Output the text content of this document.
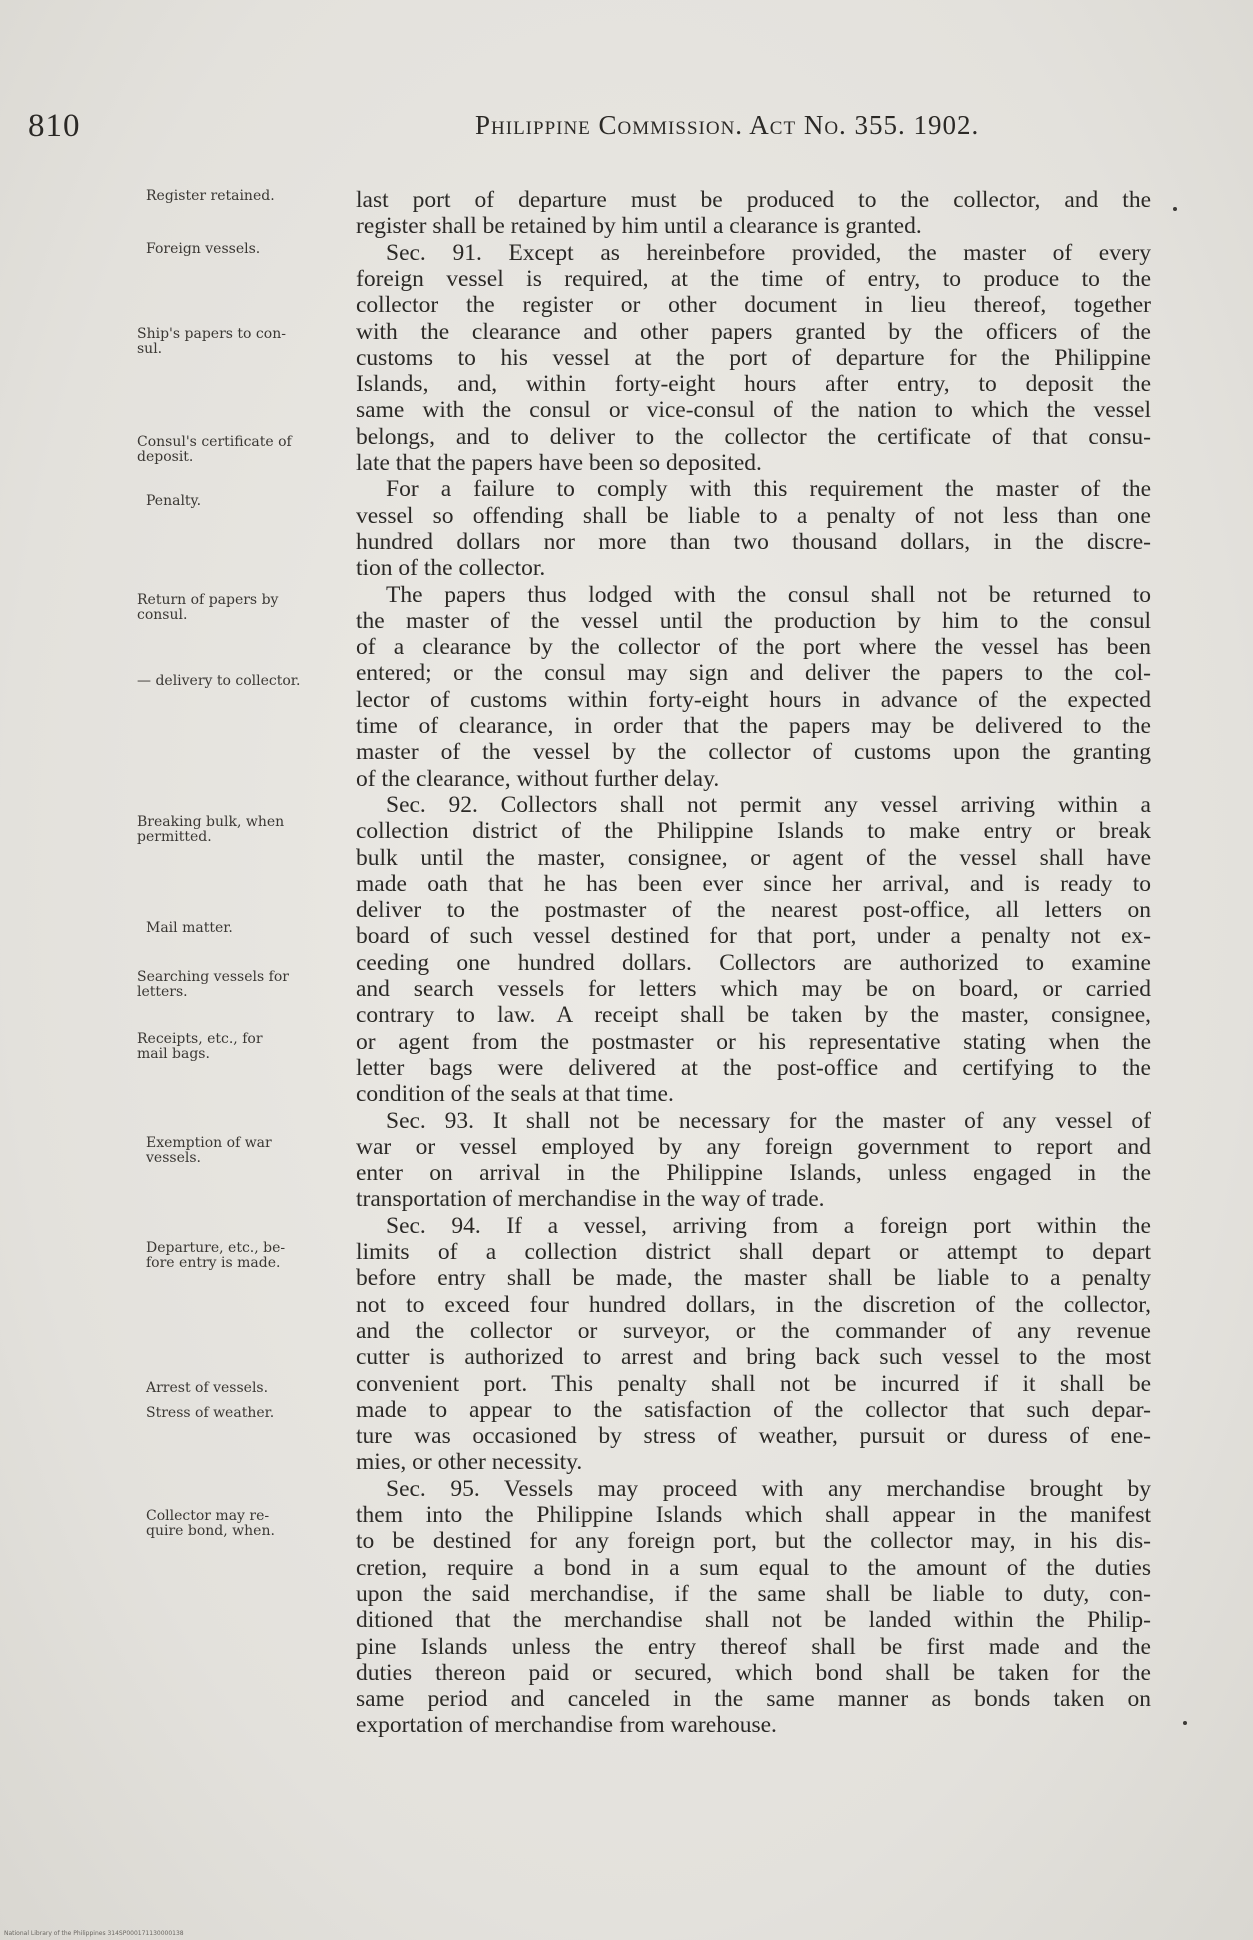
810	Philippine Commission. Act No. 355. 1902.
Register retained.
Foreign vessels.
Ship's papers to con-
sul.
Consul's certificate of
deposit.
Penalty.
Return of papers by
consul.
— delivery to collector.
Breaking bulk, when
permitted.
Mail matter.
Searching vessels for
letters.
Receipts, etc., for
mail bags.
Exemption of war
vessels.
Departure, etc., be-
fore entry is made.
Arrest of vessels.
Stress of weather.
Collector may re-
quire bond, when.
last port of departure must be produced to the collector, and the
register shall be retained by him until a clearance is granted.
Sec. 91. Except as hereinbefore provided, the master of every
foreign vessel is required, at the time of entry, to produce to the
collector the register or other document in lieu thereof, together
with the clearance and other papers granted by the officers of the
customs to his vessel at the port of departure for the Philippine
Islands, and, within forty-eight hours after entry, to deposit the
same with the consul or vice-consul of the nation to which the vessel
belongs, and to deliver to the collector the certificate of that consu-
late that the papers have been so deposited.
For a failure to comply with this requirement the master of the
vessel so offending shall be liable to a penalty of not less than one
hundred dollars nor more than two thousand dollars, in the discre-
tion of the collector.
The papers thus lodged with the consul shall not be returned to
the master of the vessel until the production by him to the consul
of a clearance by the collector of the port where the vessel has been
entered; or the consul may sign and deliver the papers to the col-
lector of customs within forty-eight hours in advance of the expected
time of clearance, in order that the papers may be delivered to the
master of the vessel by the collector of customs upon the granting
of the clearance, without further delay.
Sec. 92. Collectors shall not permit any vessel arriving within a
collection district of the Philippine Islands to make entry or break
bulk until the master, consignee, or agent of the vessel shall have
made oath that he has been ever since her arrival, and is ready to
deliver to the postmaster of the nearest post-office, all letters on
board of such vessel destined for that port, under a penalty not ex-
ceeding one hundred dollars. Collectors are authorized to examine
and search vessels for letters which may be on board, or carried
contrary to law. A receipt shall be taken by the master, consignee,
or agent from the postmaster or his representative stating when the
letter bags were delivered at the post-office and certifying to the
condition of the seals at that time.
Sec. 93. It shall not be necessary for the master of any vessel of
war or vessel employed by any foreign government to report and
enter on arrival in the Philippine Islands, unless engaged in the
transportation of merchandise in the way of trade.
Sec. 94. If a vessel, arriving from a foreign port within the
limits of a collection district shall depart or attempt to depart
before entry shall be made, the master shall be liable to a penalty
not to exceed four hundred dollars, in the discretion of the collector,
and the collector or surveyor, or the commander of any revenue
cutter is authorized to arrest and bring back such vessel to the most
convenient port. This penalty shall not be incurred if it shall be
made to appear to the satisfaction of the collector that such depar-
ture was occasioned by stress of weather, pursuit or duress of ene-
mies, or other necessity.
Sec. 95. Vessels may proceed with any merchandise brought by
them into the Philippine Islands which shall appear in the manifest
to be destined for any foreign port, but the collector may, in his dis-
cretion, require a bond in a sum equal to the amount of the duties
upon the said merchandise, if the same shall be liable to duty, con-
ditioned that the merchandise shall not be landed within the Philip-
pine Islands unless the entry thereof shall be first made and the
duties thereon paid or secured, which bond shall be taken for the
same period and canceled in the same manner as bonds taken on
exportation of merchandise from warehouse.
National Library of the Philippines 314SP000171130000138
